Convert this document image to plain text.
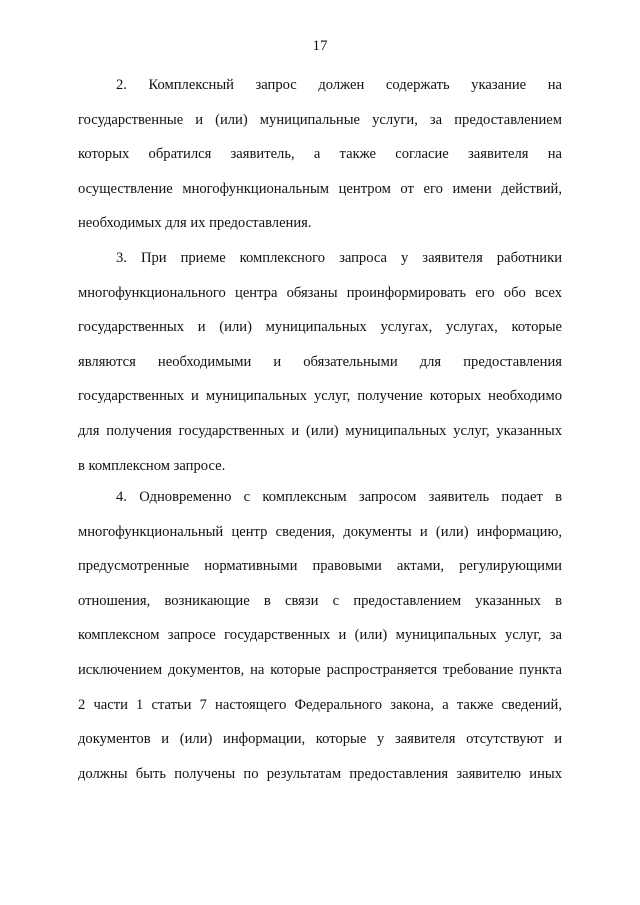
17
2. Комплексный запрос должен содержать указание на
государственные и (или) муниципальные услуги, за предоставлением
которых обратился заявитель, а также согласие заявителя на
осуществление многофункциональным центром от его имени действий,
необходимых для их предоставления.
3. При приеме комплексного запроса у заявителя работники
многофункционального центра обязаны проинформировать его обо всех
государственных и (или) муниципальных услугах, услугах, которые
являются необходимыми и обязательными для предоставления
государственных и муниципальных услуг, получение которых необходимо
для получения государственных и (или) муниципальных услуг, указанных
в комплексном запросе.
4. Одновременно с комплексным запросом заявитель подает в
многофункциональный центр сведения, документы и (или) информацию,
предусмотренные нормативными правовыми актами, регулирующими
отношения, возникающие в связи с предоставлением указанных в
комплексном запросе государственных и (или) муниципальных услуг, за
исключением документов, на которые распространяется требование пункта
2 части 1 статьи 7 настоящего Федерального закона, а также сведений,
документов и (или) информации, которые у заявителя отсутствуют и
должны быть получены по результатам предоставления заявителю иных
